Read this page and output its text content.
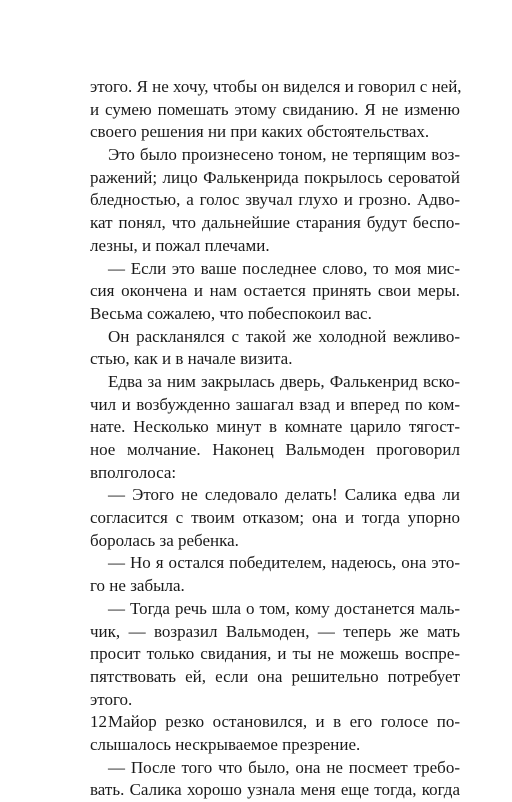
этого. Я не хочу, чтобы он виделся и говорил с ней,
и сумею помешать этому свиданию. Я не изменю
своего решения ни при каких обстоятельствах.
Это было произнесено тоном, не терпящим воз-
ражений; лицо Фалькенрида покрылось сероватой
бледностью, а голос звучал глухо и грозно. Адво-
кат понял, что дальнейшие старания будут беспо-
лезны, и пожал плечами.
— Если это ваше последнее слово, то моя мис-
сия окончена и нам остается принять свои меры.
Весьма сожалею, что побеспокоил вас.
Он раскланялся с такой же холодной вежливо-
стью, как и в начале визита.
Едва за ним закрылась дверь, Фалькенрид вско-
чил и возбужденно зашагал взад и вперед по ком-
нате. Несколько минут в комнате царило тягост-
ное молчание. Наконец Вальмоден проговорил
вполголоса:
— Этого не следовало делать! Салика едва ли
согласится с твоим отказом; она и тогда упорно
боролась за ребенка.
— Но я остался победителем, надеюсь, она это-
го не забыла.
— Тогда речь шла о том, кому достанется маль-
чик, — возразил Вальмоден, — теперь же мать
просит только свидания, и ты не можешь воспре-
пятствовать ей, если она решительно потребует
этого.
Майор резко остановился, и в его голосе по-
слышалось нескрываемое презрение.
— После того что было, она не посмеет требо-
вать. Салика хорошо узнала меня еще тогда, когда
12
